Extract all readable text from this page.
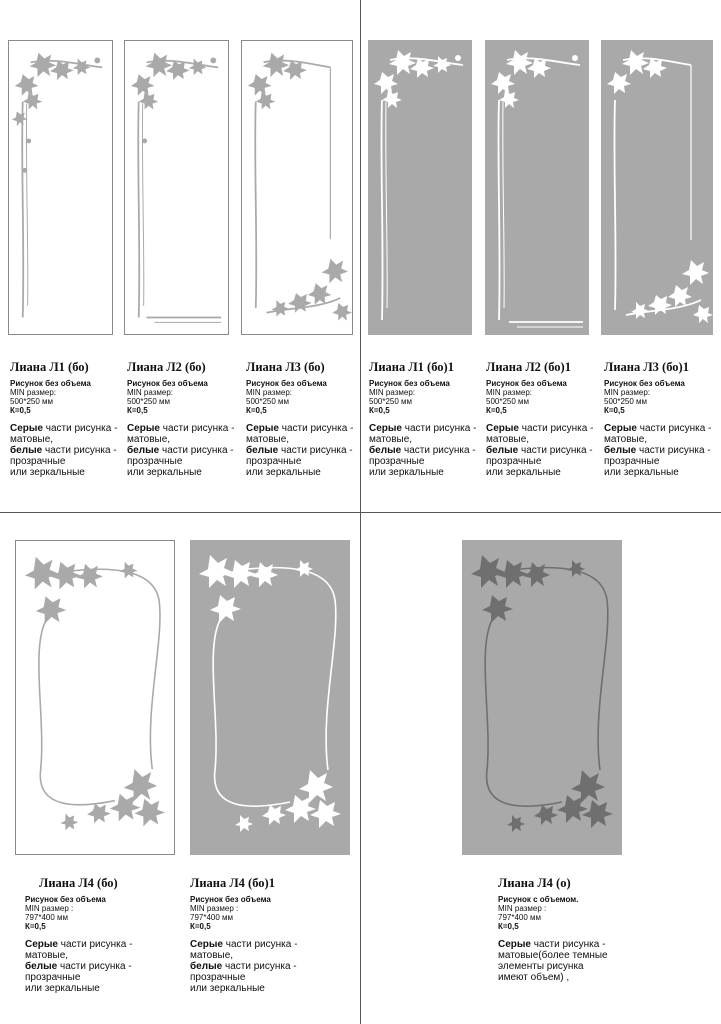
Лиана Л1 (бо)
Рисунок без объема
MIN размер:
500*250 мм
К=0,5
Серые части рисунка -
матовые,
белые части рисунка -
прозрачные
или зеркальные
Лиана Л2 (бо)
Рисунок без объема
MIN размер:
500*250 мм
К=0,5
Серые части рисунка -
матовые,
белые части рисунка -
прозрачные
или зеркальные
Лиана Л3 (бо)
Рисунок без объема
MIN размер:
500*250 мм
К=0,5
Серые части рисунка -
матовые,
белые части рисунка -
прозрачные
или зеркальные
Лиана Л1 (бо)1
Рисунок без объема
MIN размер:
500*250 мм
К=0,5
Серые части рисунка -
матовые,
белые части рисунка -
прозрачные
или зеркальные
Лиана Л2 (бо)1
Рисунок без объема
MIN размер:
500*250 мм
К=0,5
Серые части рисунка -
матовые,
белые части рисунка -
прозрачные
или зеркальные
Лиана Л3 (бо)1
Рисунок без объема
MIN размер:
500*250 мм
К=0,5
Серые части рисунка -
матовые,
белые части рисунка -
прозрачные
или зеркальные
Лиана Л4 (бо)
Рисунок без объема
MIN размер :
797*400 мм
К=0,5
Серые части рисунка -
матовые,
белые части рисунка -
прозрачные
или зеркальные
Лиана Л4 (бо)1
Рисунок без объема
MIN размер :
797*400 мм
К=0,5
Серые части рисунка -
матовые,
белые части рисунка -
прозрачные
или зеркальные
Лиана Л4 (о)
Рисунок с объемом.
MIN размер :
797*400 мм
К=0,5
Серые части рисунка -
матовые(более темные
элементы рисунка
имеют объем) ,
